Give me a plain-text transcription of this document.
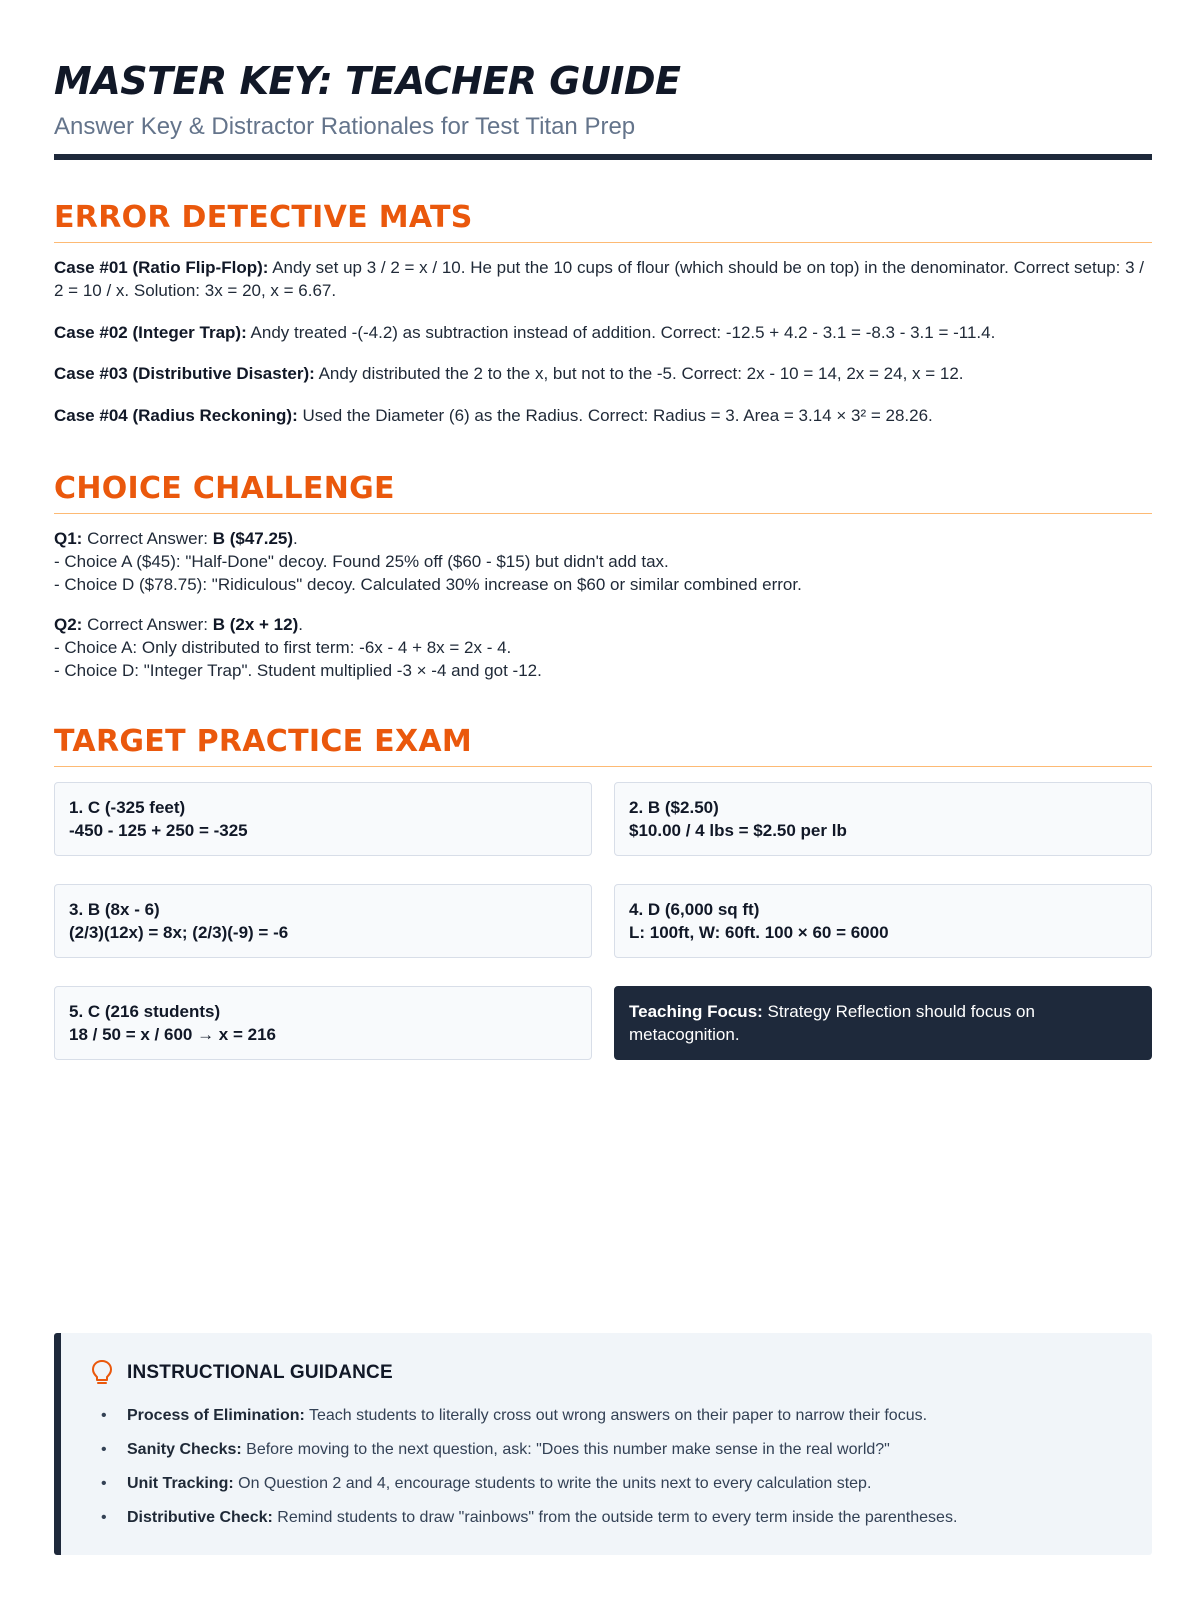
MASTER KEY: TEACHER GUIDE
Answer Key & Distractor Rationales for Test Titan Prep
ERROR DETECTIVE MATS
Case #01 (Ratio Flip-Flop): Andy set up 3 / 2 = x / 10. He put the 10 cups of flour (which should be on top) in the denominator. Correct setup: 3 / 2 = 10 / x. Solution: 3x = 20, x = 6.67.
Case #02 (Integer Trap): Andy treated -(-4.2) as subtraction instead of addition. Correct: -12.5 + 4.2 - 3.1 = -8.3 - 3.1 = -11.4.
Case #03 (Distributive Disaster): Andy distributed the 2 to the x, but not to the -5. Correct: 2x - 10 = 14, 2x = 24, x = 12.
Case #04 (Radius Reckoning): Used the Diameter (6) as the Radius. Correct: Radius = 3. Area = 3.14 × 3² = 28.26.
CHOICE CHALLENGE
Q1: Correct Answer: B ($47.25).
- Choice A ($45): "Half-Done" decoy. Found 25% off ($60 - $15) but didn't add tax.
- Choice D ($78.75): "Ridiculous" decoy. Calculated 30% increase on $60 or similar combined error.
Q2: Correct Answer: B (2x + 12).
- Choice A: Only distributed to first term: -6x - 4 + 8x = 2x - 4.
- Choice D: "Integer Trap". Student multiplied -3 × -4 and got -12.
TARGET PRACTICE EXAM
1. C (-325 feet)
-450 - 125 + 250 = -325
2. B ($2.50)
$10.00 / 4 lbs = $2.50 per lb
3. B (8x - 6)
(2/3)(12x) = 8x; (2/3)(-9) = -6
4. D (6,000 sq ft)
L: 100ft, W: 60ft. 100 × 60 = 6000
5. C (216 students)
18 / 50 = x / 600 → x = 216
Teaching Focus: Strategy Reflection should focus on metacognition.
INSTRUCTIONAL GUIDANCE
• Process of Elimination: Teach students to literally cross out wrong answers on their paper to narrow their focus.
• Sanity Checks: Before moving to the next question, ask: "Does this number make sense in the real world?"
• Unit Tracking: On Question 2 and 4, encourage students to write the units next to every calculation step.
• Distributive Check: Remind students to draw "rainbows" from the outside term to every term inside the parentheses.
